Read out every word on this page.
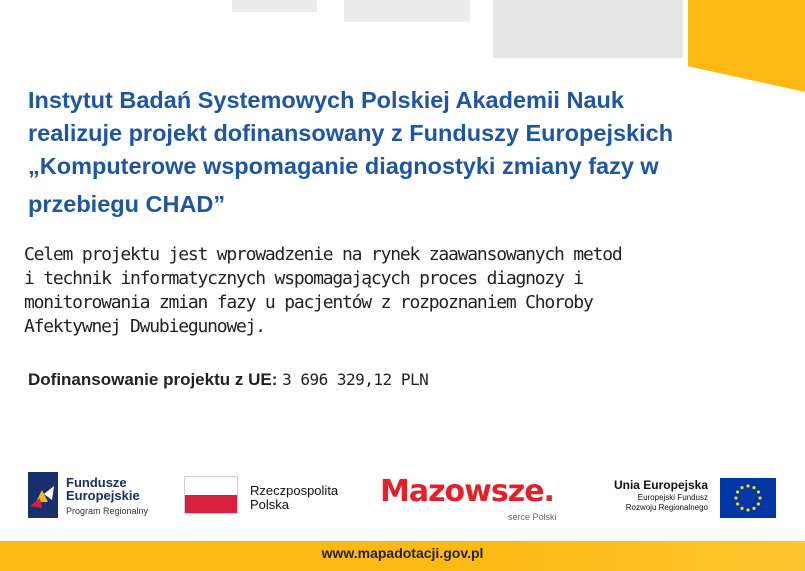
Instytut Badań Systemowych Polskiej Akademii Nauk
realizuje projekt dofinansowany z Funduszy Europejskich
„Komputerowe wspomaganie diagnostyki zmiany fazy w
przebiegu CHAD”
Celem projektu jest wprowadzenie na rynek zaawansowanych metod
i technik informatycznych wspomagających proces diagnozy i
monitorowania zmian fazy u pacjentów z rozpoznaniem Choroby
Afektywnej Dwubiegunowej.
Dofinansowanie projektu z UE: 3 696 329,12 PLN
Fundusze
Europejskie
Program Regionalny
Rzeczpospolita
Polska	Mazowsze.
serce Polski
Unia Europejska
Europejski Fundusz
Rozwoju Regionalnego
www.mapadotacji.gov.pl
